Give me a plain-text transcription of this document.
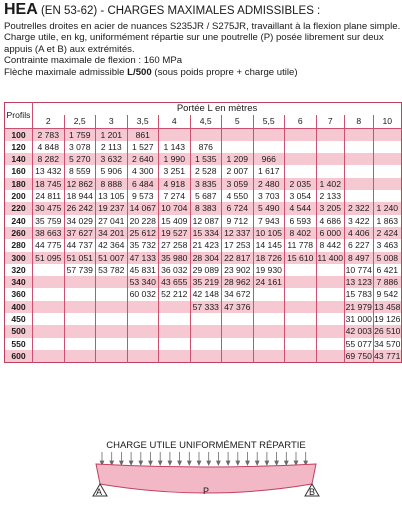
HEA (EN 53-62) - CHARGES MAXIMALES ADMISSIBLES :
Poutrelles droites en acier de nuances S235JR / S275JR, travaillant à la flexion plane simple.
Charge utile, en kg, uniformément répartie sur une poutrelle (P) posée librement sur deux
appuis (A et B) aux extrémités.
Contrainte maximale de flexion : 160 MPa
Flèche maximale admissible L/500 (sous poids propre + charge utile)
Profils	Portée L en mètres											
	2	2,5	3	3,5	4	4,5	5	5,5	6	7	8	10
100	2 783	1 759	1 201	861								
120	4 848	3 078	2 113	1 527	1 143	876						
140	8 282	5 270	3 632	2 640	1 990	1 535	1 209	966				
160	13 432	8 559	5 906	4 300	3 251	2 528	2 007	1 617				
180	18 745	12 862	8 888	6 484	4 918	3 835	3 059	2 480	2 035	1 402		
200	24 811	18 944	13 105	9 573	7 274	5 687	4 550	3 703	3 054	2 133		
220	30 475	26 242	19 237	14 067	10 704	8 383	6 724	5 490	4 544	3 205	2 322	1 240
240	35 759	34 029	27 041	20 228	15 409	12 087	9 712	7 943	6 593	4 686	3 422	1 863
260	38 663	37 627	34 201	25 612	19 527	15 334	12 337	10 105	8 402	6 000	4 406	2 424
280	44 775	44 737	42 364	35 732	27 258	21 423	17 253	14 145	11 778	8 442	6 227	3 463
300	51 095	51 051	51 007	47 133	35 980	28 304	22 817	18 726	15 610	11 400	8 497	5 008
320		57 739	53 782	45 831	36 032	29 089	23 902	19 930			10 774	6 421
340				53 340	43 655	35 219	28 962	24 161			13 123	7 886
360				60 032	52 212	42 148	34 672				15 783	9 542
400						57 333	47 376				21 979	13 458
450											31 000	19 126
500											42 003	26 510
550											55 077	34 570
600											69 750	43 771
CHARGE UTILE UNIFORMÉMENT RÉPARTIE
A	B
P
